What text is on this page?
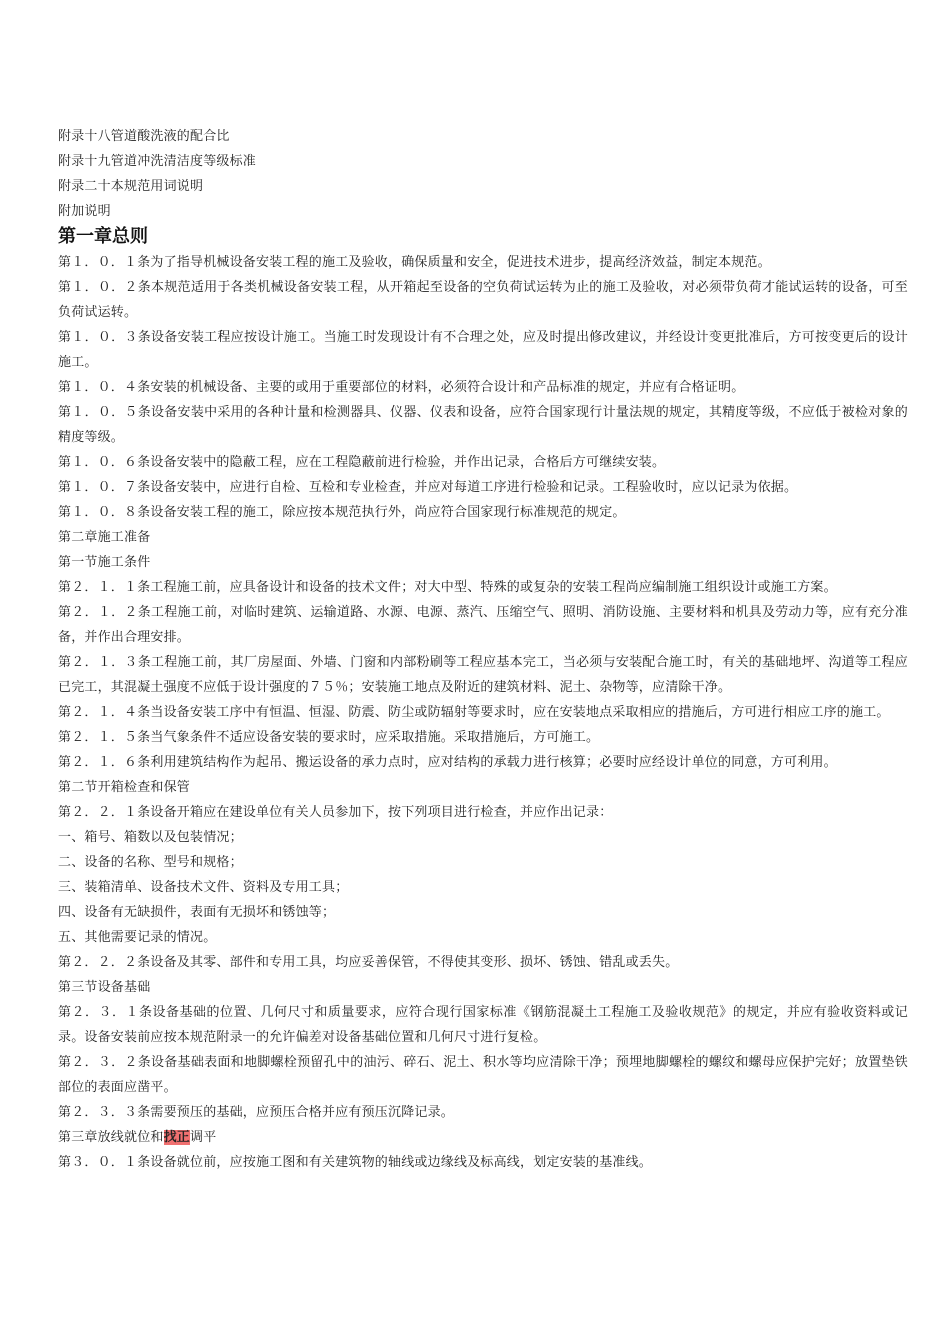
附录十八管道酸洗液的配合比

附录十九管道冲洗清洁度等级标准

附录二十本规范用词说明

附加说明

第一章总则

第１．０．１条为了指导机械设备安装工程的施工及验收，确保质量和安全，促进技术进步，提高经济效益，制定本规范。

第１．０．２条本规范适用于各类机械设备安装工程，从开箱起至设备的空负荷试运转为止的施工及验收，对必须带负荷才能试运转的设备，可至负荷试运转。

第１．０．３条设备安装工程应按设计施工。当施工时发现设计有不合理之处，应及时提出修改建议，并经设计变更批准后，方可按变更后的设计施工。

第１．０．４条安装的机械设备、主要的或用于重要部位的材料，必须符合设计和产品标准的规定，并应有合格证明。

第１．０．５条设备安装中采用的各种计量和检测器具、仪器、仪表和设备，应符合国家现行计量法规的规定，其精度等级，不应低于被检对象的精度等级。

第１．０．６条设备安装中的隐蔽工程，应在工程隐蔽前进行检验，并作出记录，合格后方可继续安装。

第１．０．７条设备安装中，应进行自检、互检和专业检查，并应对每道工序进行检验和记录。工程验收时，应以记录为依据。

第１．０．８条设备安装工程的施工，除应按本规范执行外，尚应符合国家现行标准规范的规定。

第二章施工准备

第一节施工条件

第２．１．１条工程施工前，应具备设计和设备的技术文件；对大中型、特殊的或复杂的安装工程尚应编制施工组织设计或施工方案。

第２．１．２条工程施工前，对临时建筑、运输道路、水源、电源、蒸汽、压缩空气、照明、消防设施、主要材料和机具及劳动力等，应有充分准备，并作出合理安排。

第２．１．３条工程施工前，其厂房屋面、外墙、门窗和内部粉刷等工程应基本完工，当必须与安装配合施工时，有关的基础地坪、沟道等工程应已完工，其混凝土强度不应低于设计强度的７５％；安装施工地点及附近的建筑材料、泥土、杂物等，应清除干净。

第２．１．４条当设备安装工序中有恒温、恒湿、防震、防尘或防辐射等要求时，应在安装地点采取相应的措施后，方可进行相应工序的施工。

第２．１．５条当气象条件不适应设备安装的要求时，应采取措施。采取措施后，方可施工。

第２．１．６条利用建筑结构作为起吊、搬运设备的承力点时，应对结构的承载力进行核算；必要时应经设计单位的同意，方可利用。

第二节开箱检查和保管

第２．２．１条设备开箱应在建设单位有关人员参加下，按下列项目进行检查，并应作出记录：

一、箱号、箱数以及包装情况；

二、设备的名称、型号和规格；

三、装箱清单、设备技术文件、资料及专用工具；

四、设备有无缺损件，表面有无损坏和锈蚀等；

五、其他需要记录的情况。

第２．２．２条设备及其零、部件和专用工具，均应妥善保管，不得使其变形、损坏、锈蚀、错乱或丢失。

第三节设备基础

第２．３．１条设备基础的位置、几何尺寸和质量要求，应符合现行国家标准《钢筋混凝土工程施工及验收规范》的规定，并应有验收资料或记录。设备安装前应按本规范附录一的允许偏差对设备基础位置和几何尺寸进行复检。

第２．３．２条设备基础表面和地脚螺栓预留孔中的油污、碎石、泥土、积水等均应清除干净；预埋地脚螺栓的螺纹和螺母应保护完好；放置垫铁部位的表面应凿平。

第２．３．３条需要预压的基础，应预压合格并应有预压沉降记录。

第三章放线就位和找正调平

第３．０．１条设备就位前，应按施工图和有关建筑物的轴线或边缘线及标高线，划定安装的基准线。
